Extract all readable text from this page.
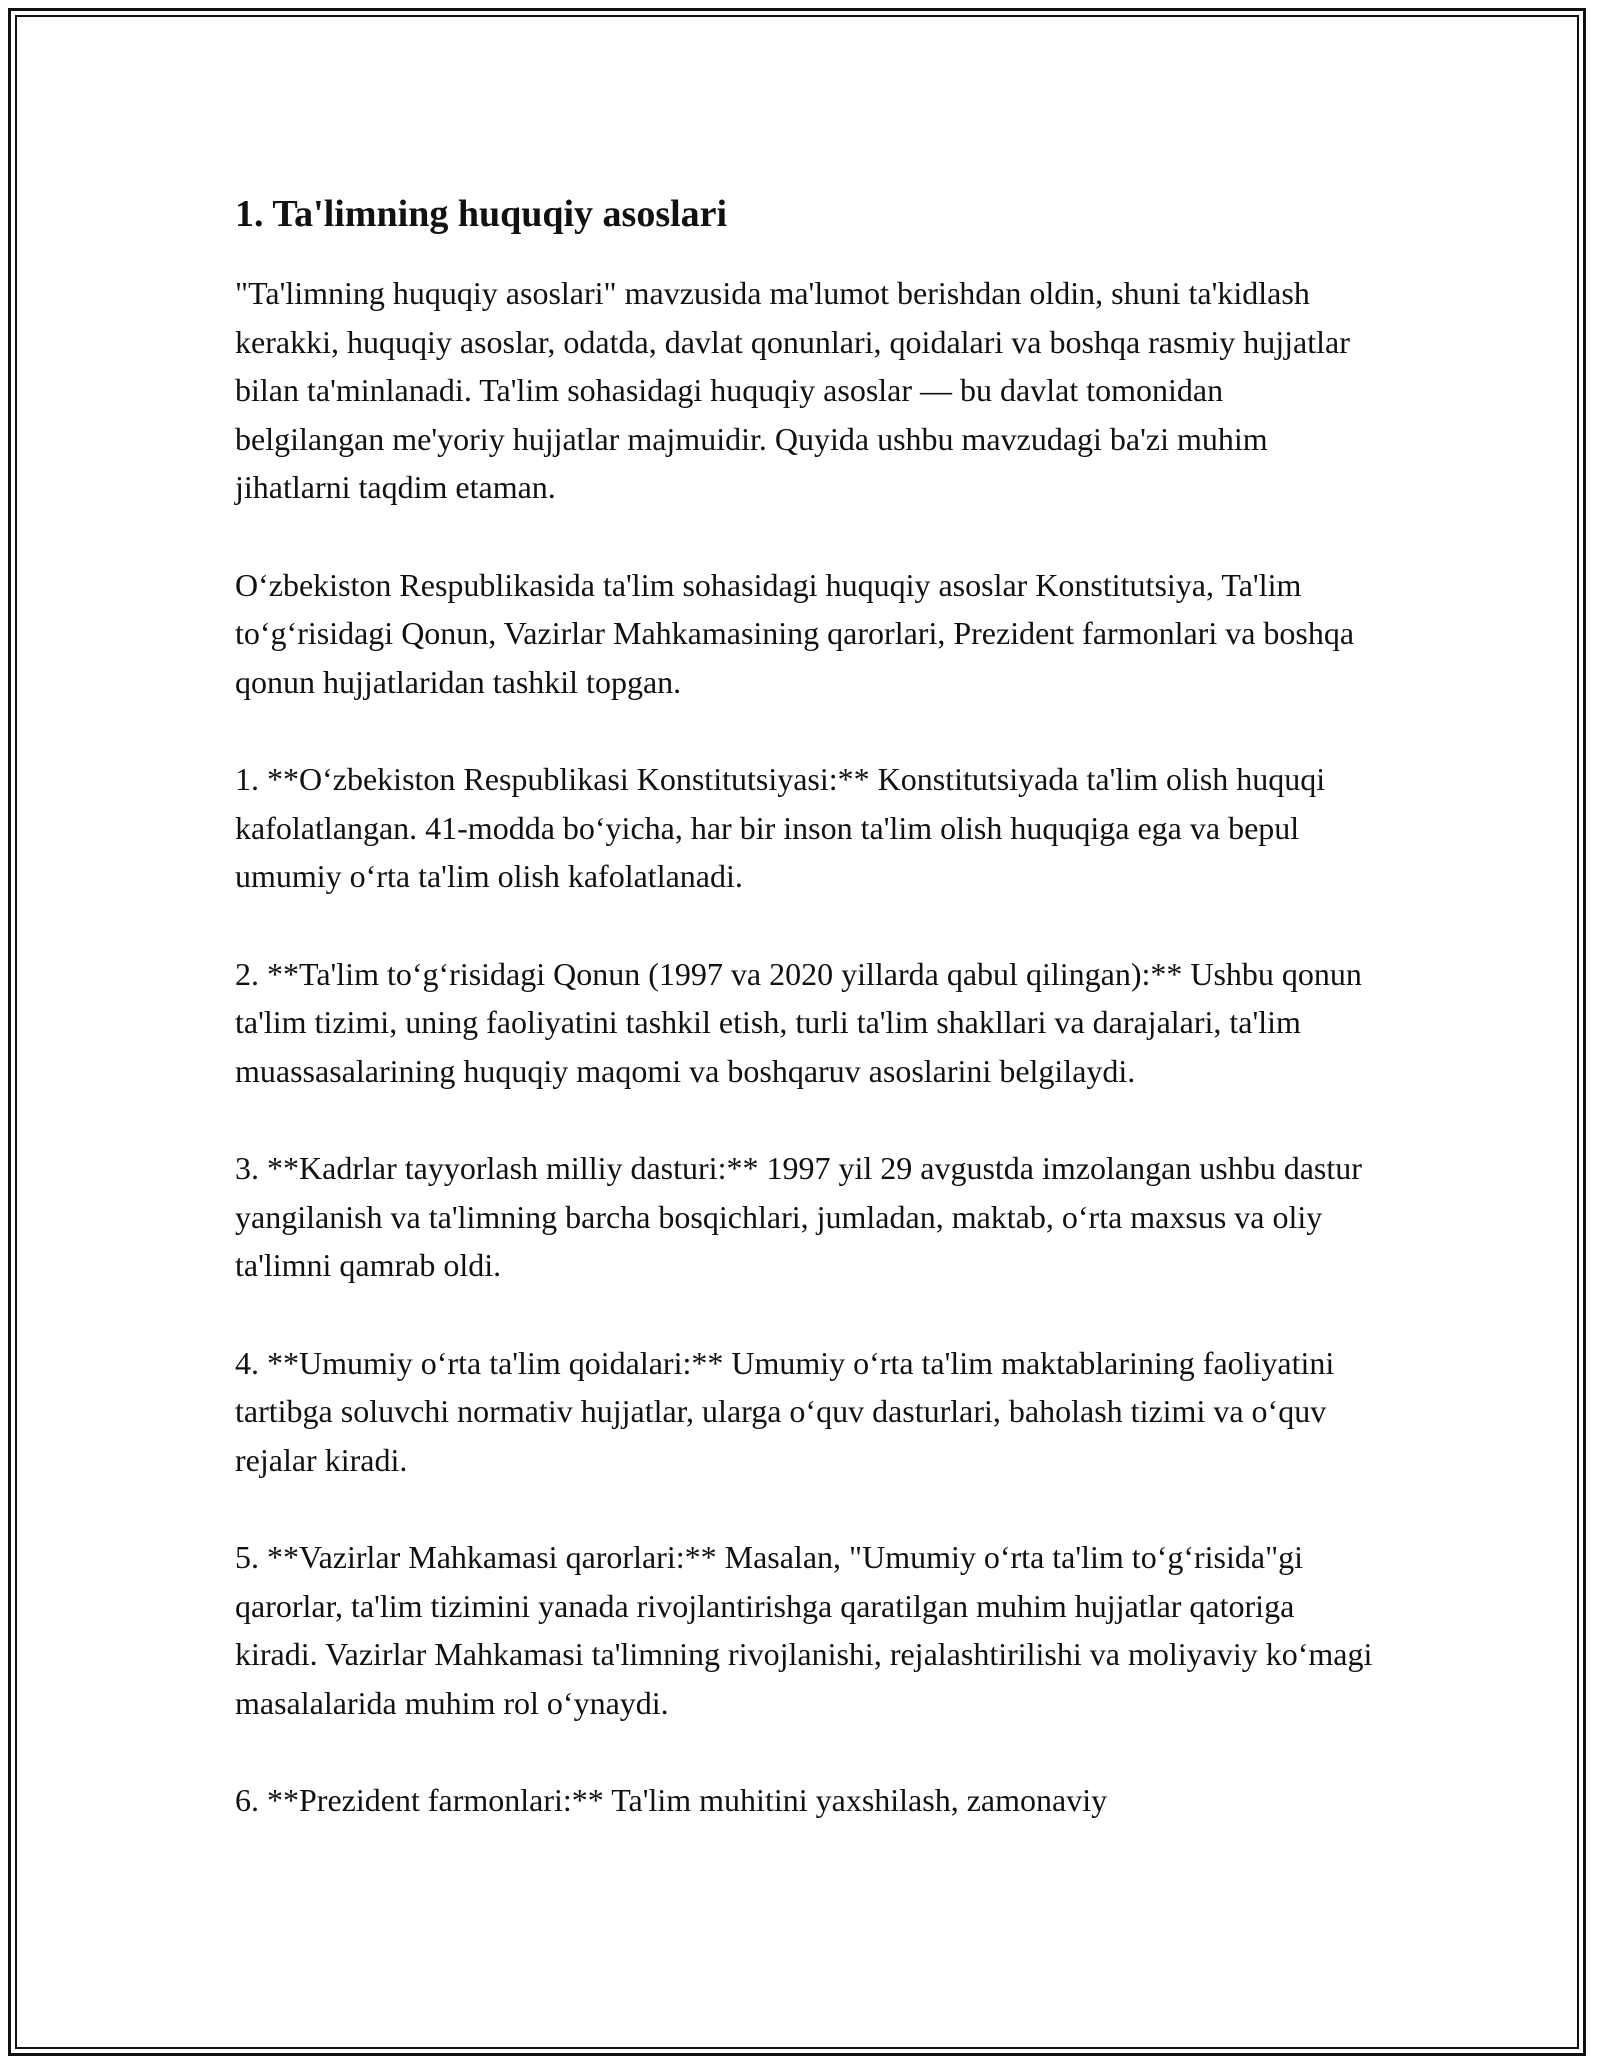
1. Ta'limning huquqiy asoslari

"Ta'limning huquqiy asoslari" mavzusida ma'lumot berishdan oldin, shuni ta'kidlash kerakki, huquqiy asoslar, odatda, davlat qonunlari, qoidalari va boshqa rasmiy hujjatlar bilan ta'minlanadi. Ta'lim sohasidagi huquqiy asoslar — bu davlat tomonidan belgilangan me'yoriy hujjatlar majmuidir. Quyida ushbu mavzudagi ba'zi muhim jihatlarni taqdim etaman.

O‘zbekiston Respublikasida ta'lim sohasidagi huquqiy asoslar Konstitutsiya, Ta'lim to‘g‘risidagi Qonun, Vazirlar Mahkamasining qarorlari, Prezident farmonlari va boshqa qonun hujjatlaridan tashkil topgan.

1. **O‘zbekiston Respublikasi Konstitutsiyasi:** Konstitutsiyada ta'lim olish huquqi kafolatlangan. 41-modda bo‘yicha, har bir inson ta'lim olish huquqiga ega va bepul umumiy o‘rta ta'lim olish kafolatlanadi.

2. **Ta'lim to‘g‘risidagi Qonun (1997 va 2020 yillarda qabul qilingan):** Ushbu qonun ta'lim tizimi, uning faoliyatini tashkil etish, turli ta'lim shakllari va darajalari, ta'lim muassasalarining huquqiy maqomi va boshqaruv asoslarini belgilaydi.

3. **Kadrlar tayyorlash milliy dasturi:** 1997 yil 29 avgustda imzolangan ushbu dastur yangilanish va ta'limning barcha bosqichlari, jumladan, maktab, o‘rta maxsus va oliy ta'limni qamrab oldi.

4. **Umumiy o‘rta ta'lim qoidalari:** Umumiy o‘rta ta'lim maktablarining faoliyatini tartibga soluvchi normativ hujjatlar, ularga o‘quv dasturlari, baholash tizimi va o‘quv rejalar kiradi.

5. **Vazirlar Mahkamasi qarorlari:** Masalan, "Umumiy o‘rta ta'lim to‘g‘risida"gi qarorlar, ta'lim tizimini yanada rivojlantirishga qaratilgan muhim hujjatlar qatoriga kiradi. Vazirlar Mahkamasi ta'limning rivojlanishi, rejalashtirilishi va moliyaviy ko‘magi masalalarida muhim rol o‘ynaydi.

6. **Prezident farmonlari:** Ta'lim muhitini yaxshilash, zamonaviy
